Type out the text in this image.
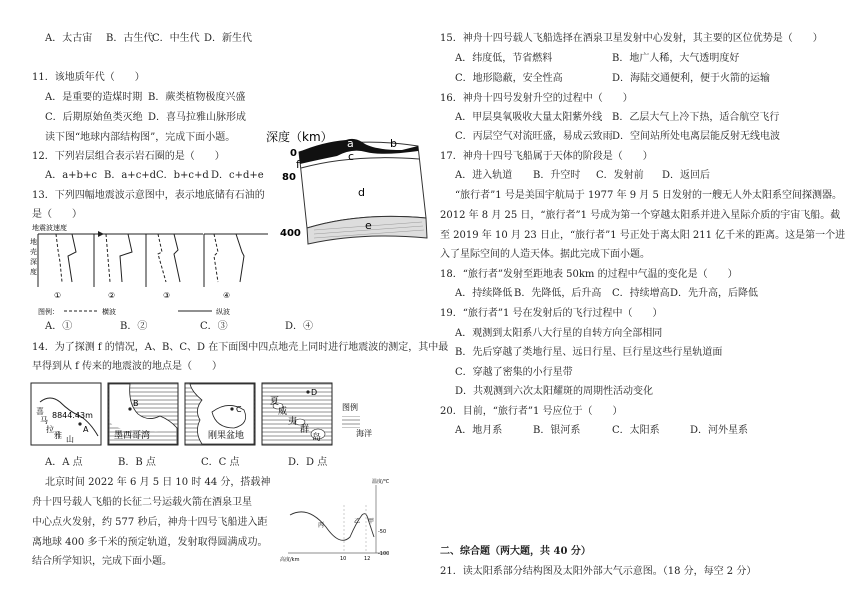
A．太古宙 B．古生代
C．中生代 D．新生代
11．该地质年代（　　）
A．是重要的造煤时期 B．蕨类植物极度兴盛
C．后期原始鱼类灭绝 D．喜马拉雅山脉形成
读下图“地球内部结构图”，完成下面小题。
12．下列岩层组合表示岩石圈的是（　　）
A．a+b+c B．a+c+d C．b+c+d D．c+d+e
13．下列四幅地震波示意图中，表示地底储有石油的
是（　　）
深度（km）
0
80
400
a	b
c
d
e
f
地震波速度
地
壳
深
度
①	②	③	④
图例：	横波	纵波
A．①	B．②	C．③	D．④
14．为了探测 f 的情况，A、B、C、D 在下面图中四点地壳上同时进行地震波的测定，其中最
早得到从 f 传来的地震波的地点是（　　）
8844.43m
喜
马
拉
雅 山
A
B
墨西哥湾
C
刚果盆地
D
夏
威
夷
群
岛
图例
海洋
A．A 点	B．B 点	C．C 点	D．D 点
北京时间 2022 年 6 月 5 日 10 时 44 分，搭载神
舟十四号载人飞船的长征二号运载火箭在酒泉卫星
中心点火发射，约 577 秒后，神舟十四号飞船进入距
离地球 400 多千米的预定轨道，发射取得圆满成功。
结合所学知识，完成下面小题。
温度/℃
高度/km
-50
-100
10	12
丙
乙 甲
15．神舟十四号载人飞船选择在酒泉卫星发射中心发射，其主要的区位优势是（　　）
A．纬度低，节省燃料	B．地广人稀，大气透明度好
C．地形隐蔽，安全性高	D．海陆交通便利，便于火箭的运输
16．神舟十四号发射升空的过程中（　　）
A．甲层臭氧吸收大量太阳紫外线 B．乙层大气上冷下热，适合航空飞行
C．丙层空气对流旺盛，易成云致雨 D．空间站所处电离层能反射无线电波
17．神舟十四号飞船属于天体的阶段是（　　）
A．进入轨道 B．升空时 C．发射前 D．返回后
“旅行者”1 号是美国宇航局于 1977 年 9 月 5 日发射的一艘无人外太阳系空间探测器。
2012 年 8 月 25 日，“旅行者”1 号成为第一个穿越太阳系并进入星际介质的宇宙飞船。截
至 2019 年 10 月 23 日止，“旅行者”1 号正处于离太阳 211 亿千米的距离。这是第一个进
入了星际空间的人造天体。据此完成下面小题。
18．“旅行者”发射至距地表 50km 的过程中气温的变化是（　　）
A．持续降低 B．先降低，后升高 C．持续增高 D．先升高，后降低
19．“旅行者”1 号在发射后的飞行过程中（　　）
A．观测到太阳系八大行星的自转方向全部相同
B．先后穿越了类地行星、远日行星、巨行星这些行星轨道面
C．穿越了密集的小行星带
D．共观测到六次太阳耀斑的周期性活动变化
20．目前，“旅行者”1 号应位于（　　）
A．地月系	B．银河系	C．太阳系	D．河外星系
二、综合题（两大题，共 40 分）
21．读太阳系部分结构图及太阳外部大气示意图。（18 分，每空 2 分）
